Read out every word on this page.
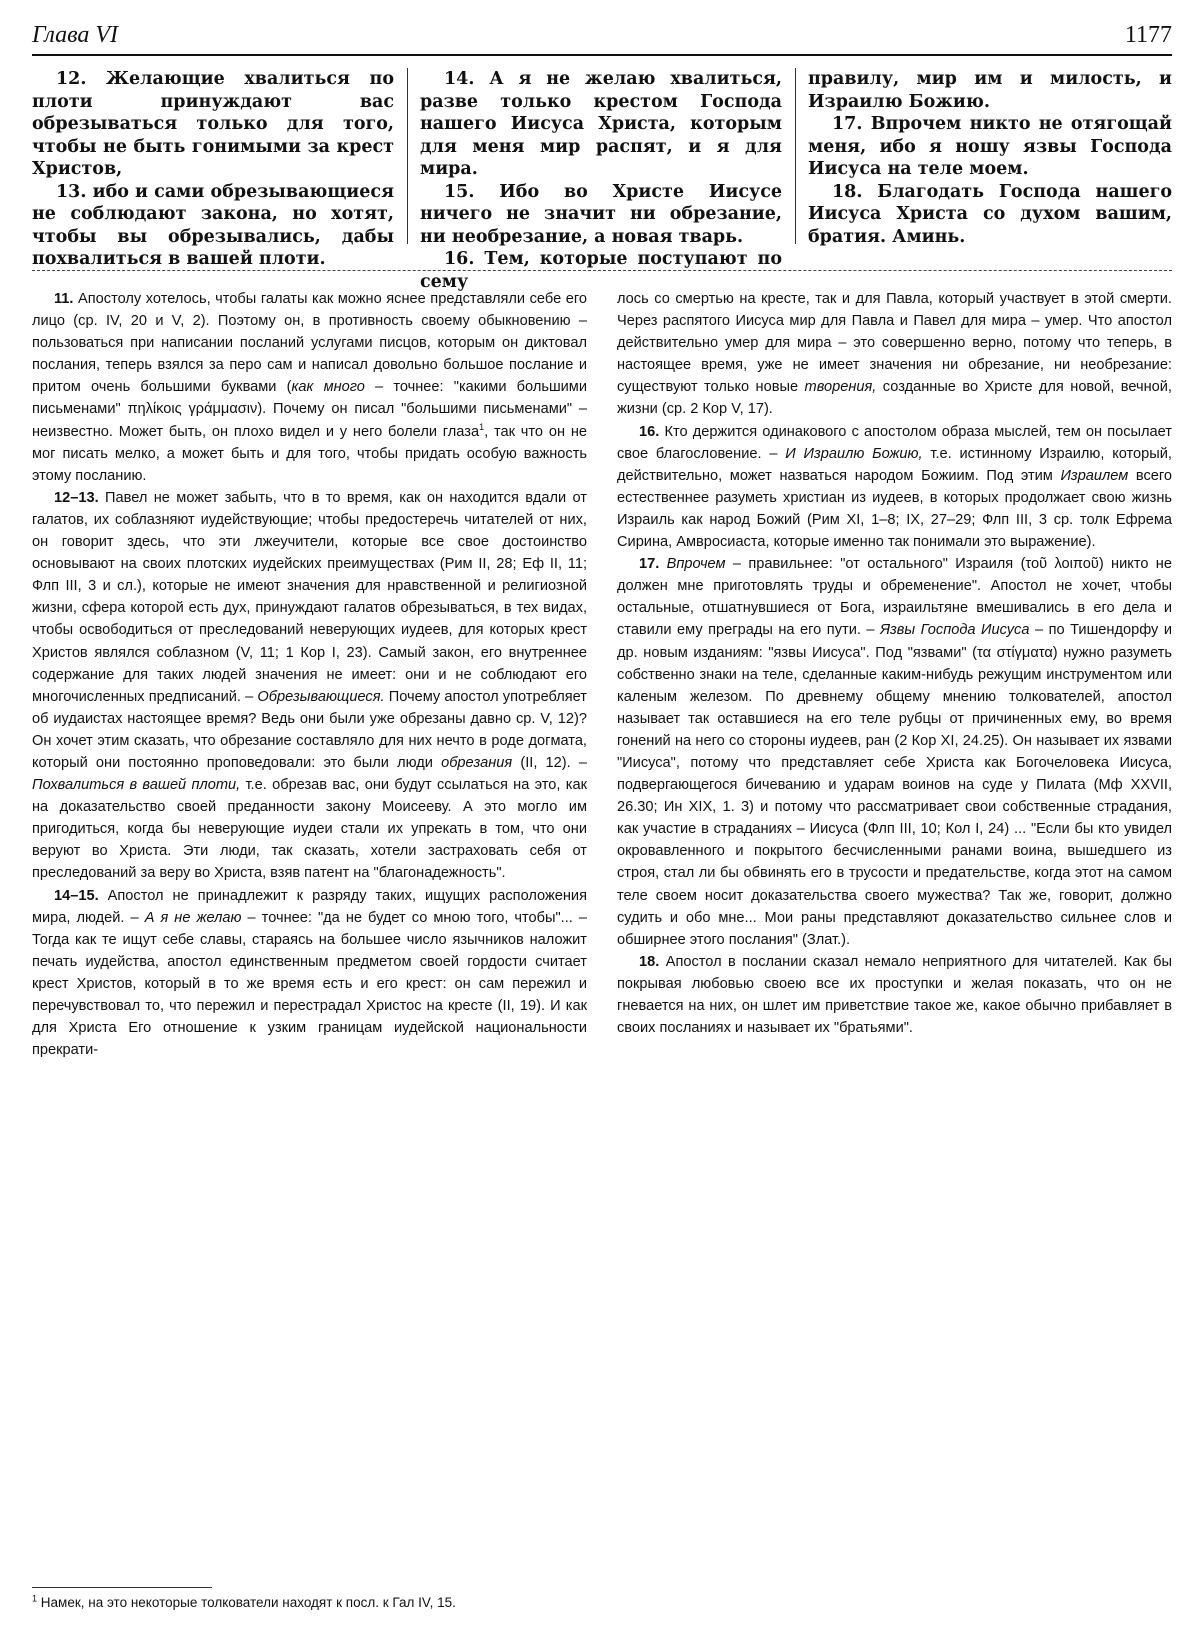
Глава VI	1177

12. Желающие хвалиться по плоти принуждают вас обрезываться только для того, чтобы не быть гонимыми за крест Христов,

13. ибо и сами обрезывающиеся не соблюдают закона, но хотят, чтобы вы обрезывались, дабы похвалиться в вашей плоти.

14. А я не желаю хвалиться, разве только крестом Господа нашего Иисуса Христа, которым для меня мир распят, и я для мира.

15. Ибо во Христе Иисусе ничего не значит ни обрезание, ни необрезание, а новая тварь.

16. Тем, которые поступают по сему

правилу, мир им и милость, и Израилю Божию.

17. Впрочем никто не отягощай меня, ибо я ношу язвы Господа Иисуса на теле моем.

18. Благодать Господа нашего Иисуса Христа со духом вашим, братия. Аминь.

11. Апостолу хотелось, чтобы галаты как можно яснее представляли себе его лицо (ср. IV, 20 и V, 2). Поэтому он, в противность своему обыкновению – пользоваться при написании посланий услугами писцов, которым он диктовал послания, теперь взялся за перо сам и написал довольно большое послание и притом очень большими буквами (как много – точнее: "какими большими письменами" πηλίκοις γράμμασιν). Почему он писал "большими письменами" – неизвестно. Может быть, он плохо видел и у него болели глаза$^1$, так что он не мог писать мелко, а может быть и для того, чтобы придать особую важность этому посланию.

12–13. Павел не может забыть, что в то время, как он находится вдали от галатов, их соблазняют иудействующие; чтобы предостеречь читателей от них, он говорит здесь, что эти лжеучители, которые все свое достоинство основывают на своих плотских иудейских преимуществах (Рим II, 28; Еф II, 11; Флп III, 3 и сл.), которые не имеют значения для нравственной и религиозной жизни, сфера которой есть дух, принуждают галатов обрезываться, в тех видах, чтобы освободиться от преследований неверующих иудеев, для которых крест Христов являлся соблазном (V, 11; 1 Кор I, 23). Самый закон, его внутреннее содержание для таких людей значения не имеет: они и не соблюдают его многочисленных предписаний. – Обрезывающиеся. Почему апостол употребляет об иудаистах настоящее время? Ведь они были уже обрезаны давно ср. V, 12)? Он хочет этим сказать, что обрезание составляло для них нечто в роде догмата, который они постоянно проповедовали: это были люди обрезания (II, 12). – Похвалиться в вашей плоти, т.е. обрезав вас, они будут ссылаться на это, как на доказательство своей преданности закону Моисееву. А это могло им пригодиться, когда бы неверующие иудеи стали их упрекать в том, что они веруют во Христа. Эти люди, так сказать, хотели застраховать себя от преследований за веру во Христа, взяв патент на "благонадежность".

14–15. Апостол не принадлежит к разряду таких, ищущих расположения мира, людей. – А я не желаю – точнее: "да не будет со мною того, чтобы"... – Тогда как те ищут себе славы, стараясь на большее число язычников наложит печать иудейства, апостол единственным предметом своей гордости считает крест Христов, который в то же время есть и его крест: он сам пережил и перечувствовал то, что пережил и перестрадал Христос на кресте (II, 19). И как для Христа Его отношение к узким границам иудейской национальности прекрати-

лось со смертью на кресте, так и для Павла, который участвует в этой смерти. Через распятого Иисуса мир для Павла и Павел для мира – умер. Что апостол действительно умер для мира – это совершенно верно, потому что теперь, в настоящее время, уже не имеет значения ни обрезание, ни необрезание: существуют только новые творения, созданные во Христе для новой, вечной, жизни (ср. 2 Кор V, 17).

16. Кто держится одинакового с апостолом образа мыслей, тем он посылает свое благословение. – И Израилю Божию, т.е. истинному Израилю, который, действительно, может назваться народом Божиим. Под этим Израилем всего естественнее разуметь христиан из иудеев, в которых продолжает свою жизнь Израиль как народ Божий (Рим XI, 1–8; IX, 27–29; Флп III, 3 ср. толк Ефрема Сирина, Амвросиаста, которые именно так понимали это выражение).

17. Впрочем – правильнее: "от остального" Израиля (τοῦ λοιποῦ) никто не должен мне приготовлять труды и обременение". Апостол не хочет, чтобы остальные, отшатнувшиеся от Бога, израильтяне вмешивались в его дела и ставили ему преграды на его пути. – Язвы Господа Иисуса – по Тишендорфу и др. новым изданиям: "язвы Иисуса". Под "язвами" (τα στίγματα) нужно разуметь собственно знаки на теле, сделанные каким-нибудь режущим инструментом или каленым железом. По древнему общему мнению толкователей, апостол называет так оставшиеся на его теле рубцы от причиненных ему, во время гонений на него со стороны иудеев, ран (2 Кор XI, 24.25). Он называет их язвами "Иисуса", потому что представляет себе Христа как Богочеловека Иисуса, подвергающегося бичеванию и ударам воинов на суде у Пилата (Мф XXVII, 26.30; Ин XIX, 1. 3) и потому что рассматривает свои собственные страдания, как участие в страданиях – Иисуса (Флп III, 10; Кол I, 24) ... "Если бы кто увидел окровавленного и покрытого бесчисленными ранами воина, вышедшего из строя, стал ли бы обвинять его в трусости и предательстве, когда этот на самом теле своем носит доказательства своего мужества? Так же, говорит, должно судить и обо мне... Мои раны представляют доказательство сильнее слов и обширнее этого послания" (Злат.).

18. Апостол в послании сказал немало неприятного для читателей. Как бы покрывая любовью своею все их проступки и желая показать, что он не гневается на них, он шлет им приветствие такое же, какое обычно прибавляет в своих посланиях и называет их "братьями".

$^1$ Намек, на это некоторые толкователи находят к посл. к Гал IV, 15.
